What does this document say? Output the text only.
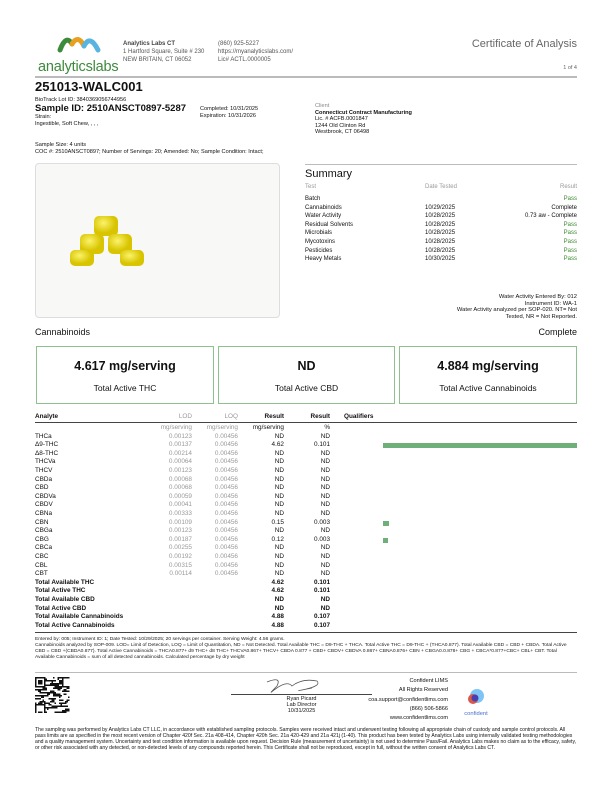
analyticslabs
Analytics Labs CT
1 Hartford Square, Suite # 230
NEW BRITAIN, CT 06052
(860) 925-5227
https://myanalyticslabs.com/
Lic# ACTL.0000005
Certificate of Analysis
1 of 4
251013-WALC001
BioTrack Lot ID: 3840369056744956
Sample ID: 2510ANSCT0897-5287
Strain:
Ingestible, Soft Chew, , , ,
Completed: 10/31/2025
Expiration: 10/31/2026
Client
Connecticut Contract Manufacturing
Lic. # ACFB.0001847
1244 Old Clinton Rd
Westbrook, CT 06498
Sample Size: 4 units
COC #: 2510ANSCT0897; Number of Servings: 20; Amended: No; Sample Condition: Intact;
Summary
Test	Date Tested	Result
Batch	Pass
Cannabinoids	10/29/2025	Complete
Water Activity	10/28/2025	0.73 aw - Complete
Residual Solvents	10/28/2025	Pass
Microbials	10/28/2025	Pass
Mycotoxins	10/28/2025	Pass
Pesticides	10/28/2025	Pass
Heavy Metals	10/30/2025	Pass
Water Activity Entered By: 012
Instrument ID: WA-1
Water Activity analyzed per SOP-020. NT= Not
Tested, NR = Not Reported.
Cannabinoids	Complete
4.617 mg/serving
Total Active THC
ND
Total Active CBD
4.884 mg/serving
Total Active Cannabinoids
Analyte	LOD	LOQ	Result	Result Qualifiers
mg/serving mg/serving mg/serving	%
THCa	0.00123	0.00456	ND	ND
Δ9-THC	0.00137	0.00456	4.62	0.101
Δ8-THC	0.00214	0.00456	ND	ND
THCVa	0.00064	0.00456	ND	ND
THCV	0.00123	0.00456	ND	ND
CBDa	0.00068	0.00456	ND	ND
CBD	0.00068	0.00456	ND	ND
CBDVa	0.00059	0.00456	ND	ND
CBDV	0.00041	0.00456	ND	ND
CBNa	0.00333	0.00456	ND	ND
CBN	0.00109	0.00456	0.15	0.003
CBGa	0.00123	0.00456	ND	ND
CBG	0.00187	0.00456	0.12	0.003
CBCa	0.00255	0.00456	ND	ND
CBC	0.00192	0.00456	ND	ND
CBL	0.00315	0.00456	ND	ND
CBT	0.00114	0.00456	ND	ND
Total Available THC	4.62	0.101
Total Active THC	4.62	0.101
Total Available CBD	ND	ND
Total Active CBD	ND	ND
Total Available Cannabinoids	4.88	0.107
Total Active Cannabinoids	4.88	0.107
Entered by: 005; Instrument ID: 1; Date Tested: 10/29/2025; 20 servings per container. Serving Weight: 4.56 grams.
Cannabinoids analyzed by SOP-009. LOD= Limit of Detection, LOQ = Limit of Quantitation, ND = Not Detected. Total Available THC = D9-THC + THCA. Total Active THC = D9-THC + (THCA0.877). Total Available CBD = CBD + CBDA. Total Active CBD = CBD +(CBDA0.877). Total Active Cannabinoids = THCA0.877+ d9 THC+ d8 THC+ THCVA0.867+ THCV+ CBDA 0.877 + CBD+ CBDV+ CBDVA 0.867+ CBNA0.876+ CBN + CBGA0.0.878+ CBG + CBCA*0.877+CBC+ CBL+ CBT. Total Available Cannabinoids = sum of all detected cannabinoids. Calculated percentage by dry weight
Ryan Picard
Lab Director
10/31/2025
Confident LIMS
All Rights Reserved
coa.support@confidentlims.com
(866) 506-5866
www.confidentlims.com
confident
The sampling was performed by Analytics Labs CT LLC, in accordance with established sampling protocols. Samples were received intact and underwent testing following all appropriate chain of custody and sample control protocols. All pass limits are as specified in the most recent version of Chapter 420f Sec. 21a 408-414, Chapter 420h Sec. 21a 420-429 and 21a 421j (1-40). This product has been tested by Analytics Labs using internally validated testing methodologies and a quality management system. Uncertainty and test condition information is available upon request. Decision Rule (measurement of uncertainty) is not used to determine Pass/Fail. Analytics Labs makes no claim as to the efficacy, safety, or other risk associated with any detected, or non-detected levels of any compounds reported herein. This Certificate shall not be reproduced, except in full, without the written consent of Analytics Labs CT.
